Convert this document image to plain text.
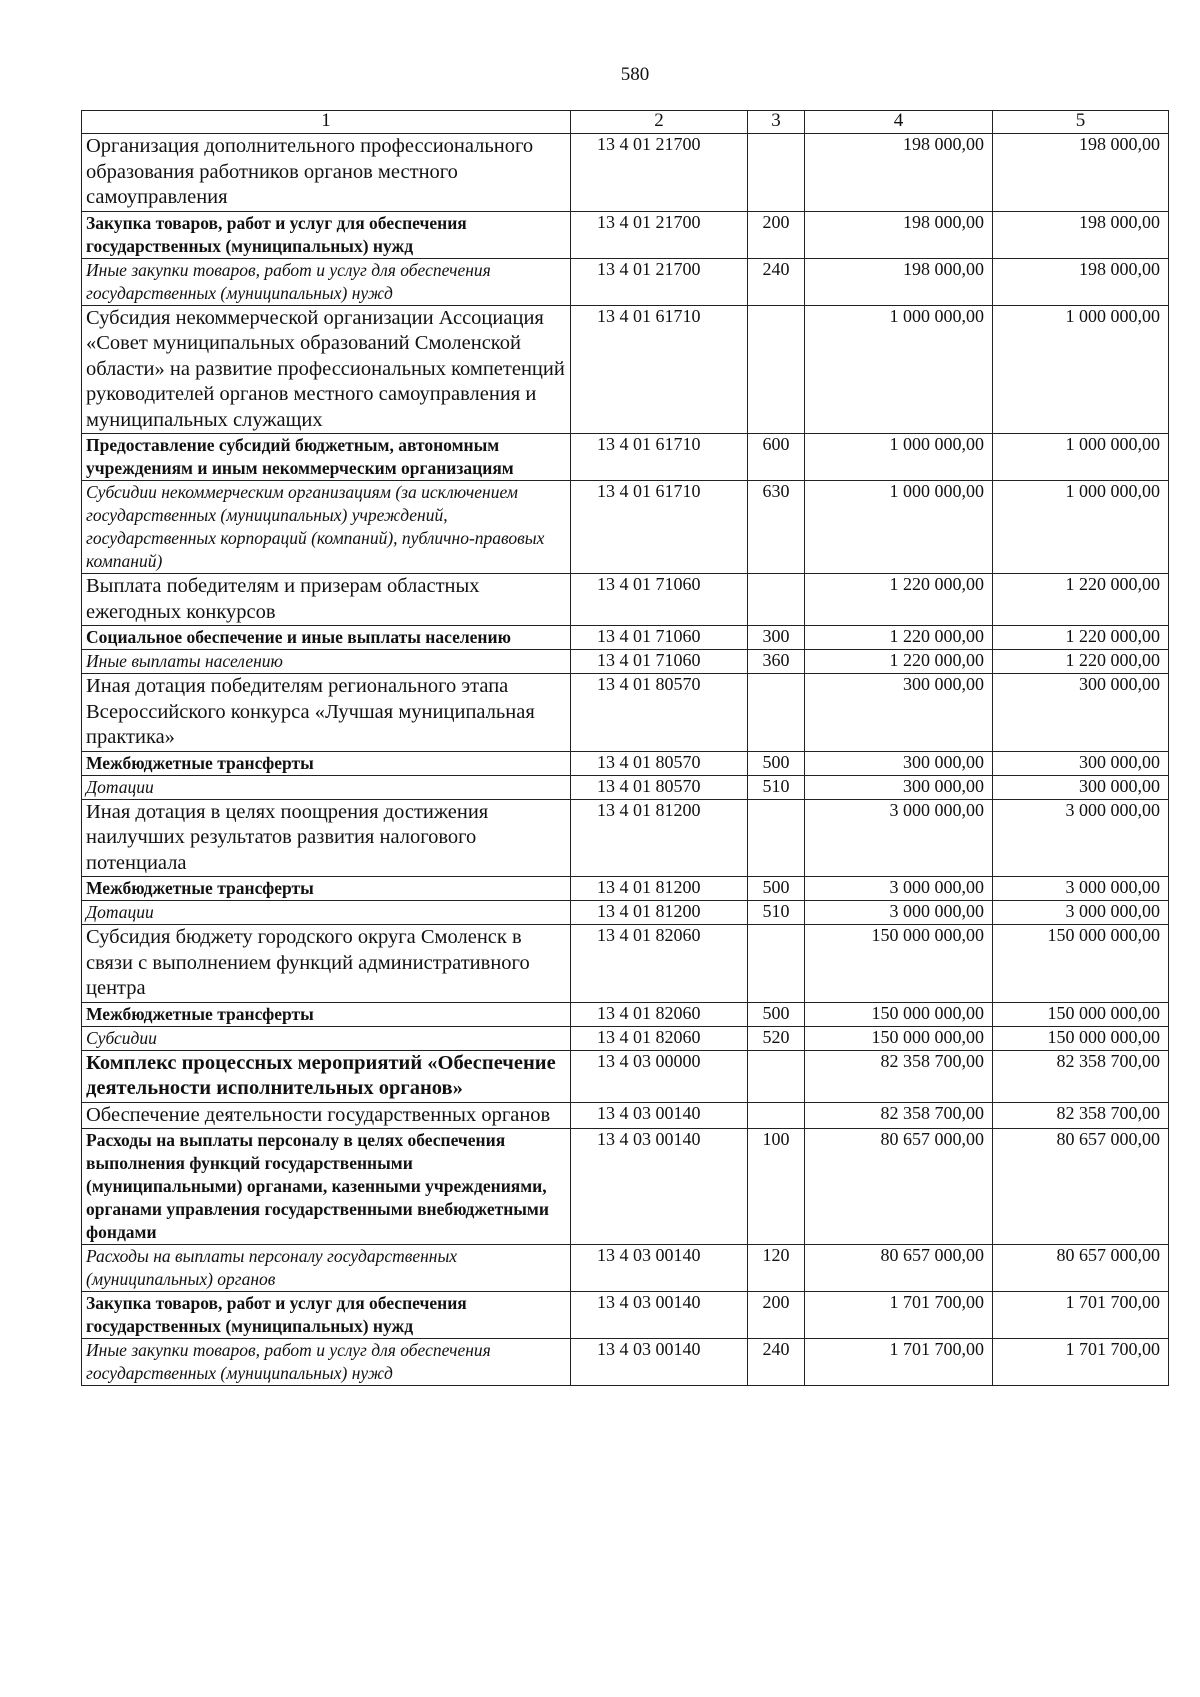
580
1	2	3	4	5
Организация дополнительного профессионального образования работников органов местного самоуправления	13 4 01 21700		198 000,00	198 000,00
Закупка товаров, работ и услуг для обеспечения государственных (муниципальных) нужд	13 4 01 21700	200	198 000,00	198 000,00
Иные закупки товаров, работ и услуг для обеспечения государственных (муниципальных) нужд	13 4 01 21700	240	198 000,00	198 000,00
Субсидия некоммерческой организации Ассоциация «Совет муниципальных образований Смоленской области» на развитие профессиональных компетенций руководителей органов местного самоуправления и муниципальных служащих	13 4 01 61710		1 000 000,00	1 000 000,00
Предоставление субсидий бюджетным, автономным учреждениям и иным некоммерческим организациям	13 4 01 61710	600	1 000 000,00	1 000 000,00
Субсидии некоммерческим организациям (за исключением государственных (муниципальных) учреждений, государственных корпораций (компаний), публично-правовых компаний)	13 4 01 61710	630	1 000 000,00	1 000 000,00
Выплата победителям и призерам областных ежегодных конкурсов	13 4 01 71060		1 220 000,00	1 220 000,00
Социальное обеспечение и иные выплаты населению	13 4 01 71060	300	1 220 000,00	1 220 000,00
Иные выплаты населению	13 4 01 71060	360	1 220 000,00	1 220 000,00
Иная дотация победителям регионального этапа Всероссийского конкурса «Лучшая муниципальная практика»	13 4 01 80570		300 000,00	300 000,00
Межбюджетные трансферты	13 4 01 80570	500	300 000,00	300 000,00
Дотации	13 4 01 80570	510	300 000,00	300 000,00
Иная дотация в целях поощрения достижения наилучших результатов развития налогового потенциала	13 4 01 81200		3 000 000,00	3 000 000,00
Межбюджетные трансферты	13 4 01 81200	500	3 000 000,00	3 000 000,00
Дотации	13 4 01 81200	510	3 000 000,00	3 000 000,00
Субсидия бюджету городского округа Смоленск в связи с выполнением функций административного центра	13 4 01 82060		150 000 000,00	150 000 000,00
Межбюджетные трансферты	13 4 01 82060	500	150 000 000,00	150 000 000,00
Субсидии	13 4 01 82060	520	150 000 000,00	150 000 000,00
Комплекс процессных мероприятий «Обеспечение деятельности исполнительных органов»	13 4 03 00000		82 358 700,00	82 358 700,00
Обеспечение деятельности государственных органов	13 4 03 00140		82 358 700,00	82 358 700,00
Расходы на выплаты персоналу в целях обеспечения выполнения функций государственными (муниципальными) органами, казенными учреждениями, органами управления государственными внебюджетными фондами	13 4 03 00140	100	80 657 000,00	80 657 000,00
Расходы на выплаты персоналу государственных (муниципальных) органов	13 4 03 00140	120	80 657 000,00	80 657 000,00
Закупка товаров, работ и услуг для обеспечения государственных (муниципальных) нужд	13 4 03 00140	200	1 701 700,00	1 701 700,00
Иные закупки товаров, работ и услуг для обеспечения государственных (муниципальных) нужд	13 4 03 00140	240	1 701 700,00	1 701 700,00
